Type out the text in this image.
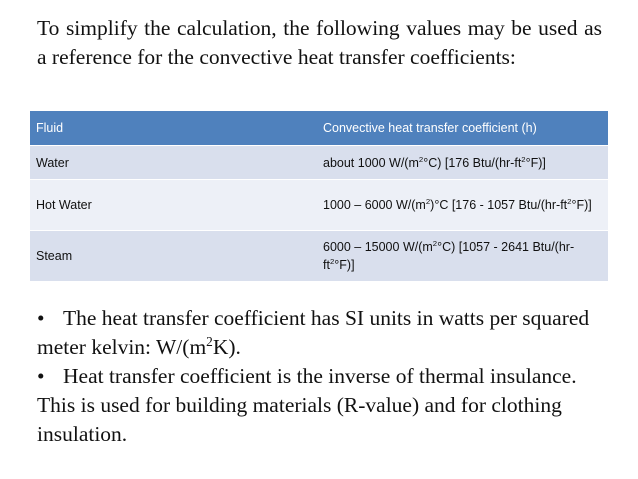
To simplify the calculation, the following values may be used as a reference for the convective heat transfer coefficients:

Fluid	Convective heat transfer coefficient (h)
Water	about 1000 $W/(m^2^\circ C)$ [176 Btu/$(hr-ft^2^\circ F)$]
Hot Water	1000 – 6000 $W/(m^2)^\circ C$ [176 - 1057 Btu/$(hr-ft^2^\circ F)$]
Steam	6000 – 15000 $W/(m^2^\circ C)$ [1057 - 2641 Btu/$(hr-ft^2^\circ F)$]
• The heat transfer coefficient has SI units in watts per squared meter kelvin: $W/(m^2K)$.
• Heat transfer coefficient is the inverse of thermal insulance. This is used for building materials (R-value) and for clothing insulation.
